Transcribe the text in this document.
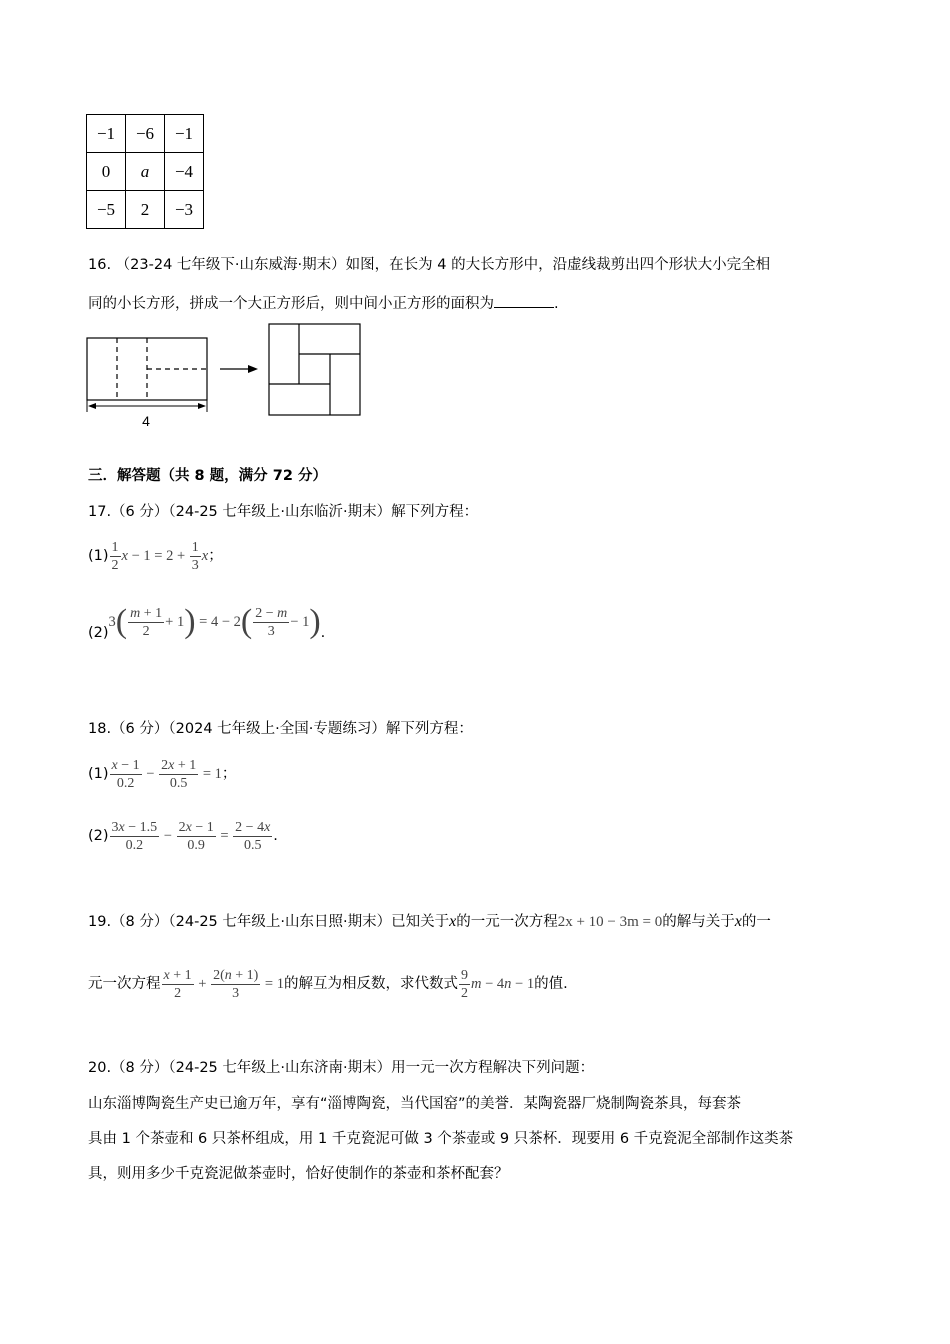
−1	−6	−1
0	a	−4
−5	2	−3
16. （23-24 七年级下·山东威海·期末）如图，在长为 4 的大长方形中，沿虚线裁剪出四个形状大小完全相
同的小长方形，拼成一个大正方形后，则中间小正方形的面积为	.
4
三．解答题（共 8 题，满分 72 分）
17.（6 分）（24-25 七年级上·山东临沂·期末）解下列方程：
$(1) \frac{1}{2}$ $x - 1 = 2 + \frac{1}{3}$ x ；
(2)
3 ( $\frac{m + 1}{2} + 1$ ) = 4 − 2 ( $\frac{2 - m}{3} - 1$ ) .
18.（6 分）（2024 七年级上·全国·专题练习）解下列方程：
$(1) \frac{x - 1}{0.2} - \frac{2x + 1}{0.5} = 1$ ；
$(2) \frac{3x - 1.5}{0.2} - \frac{2x - 1}{0.9} = \frac{2 - 4x}{0.5}$ .
19.（8 分）（24-25 七年级上·山东日照·期末）已知关于x的一元一次方程2x + 10 − 3m = 0的解与关于x的一
元一次方程 $\frac{x + 1}{2} + \frac{2(n + 1)}{3} = 1$ 的解互为相反数，求代数式 $\frac{9}{2}$ m − 4n − 1 的值.
20.（8 分）（24-25 七年级上·山东济南·期末）用一元一次方程解决下列问题：
山东淄博陶瓷生产史已逾万年，享有“淄博陶瓷，当代国窑”的美誉．某陶瓷器厂烧制陶瓷茶具，每套茶
具由 1 个茶壶和 6 只茶杯组成，用 1 千克瓷泥可做 3 个茶壶或 9 只茶杯．现要用 6 千克瓷泥全部制作这类茶
具，则用多少千克瓷泥做茶壶时，恰好使制作的茶壶和茶杯配套？
